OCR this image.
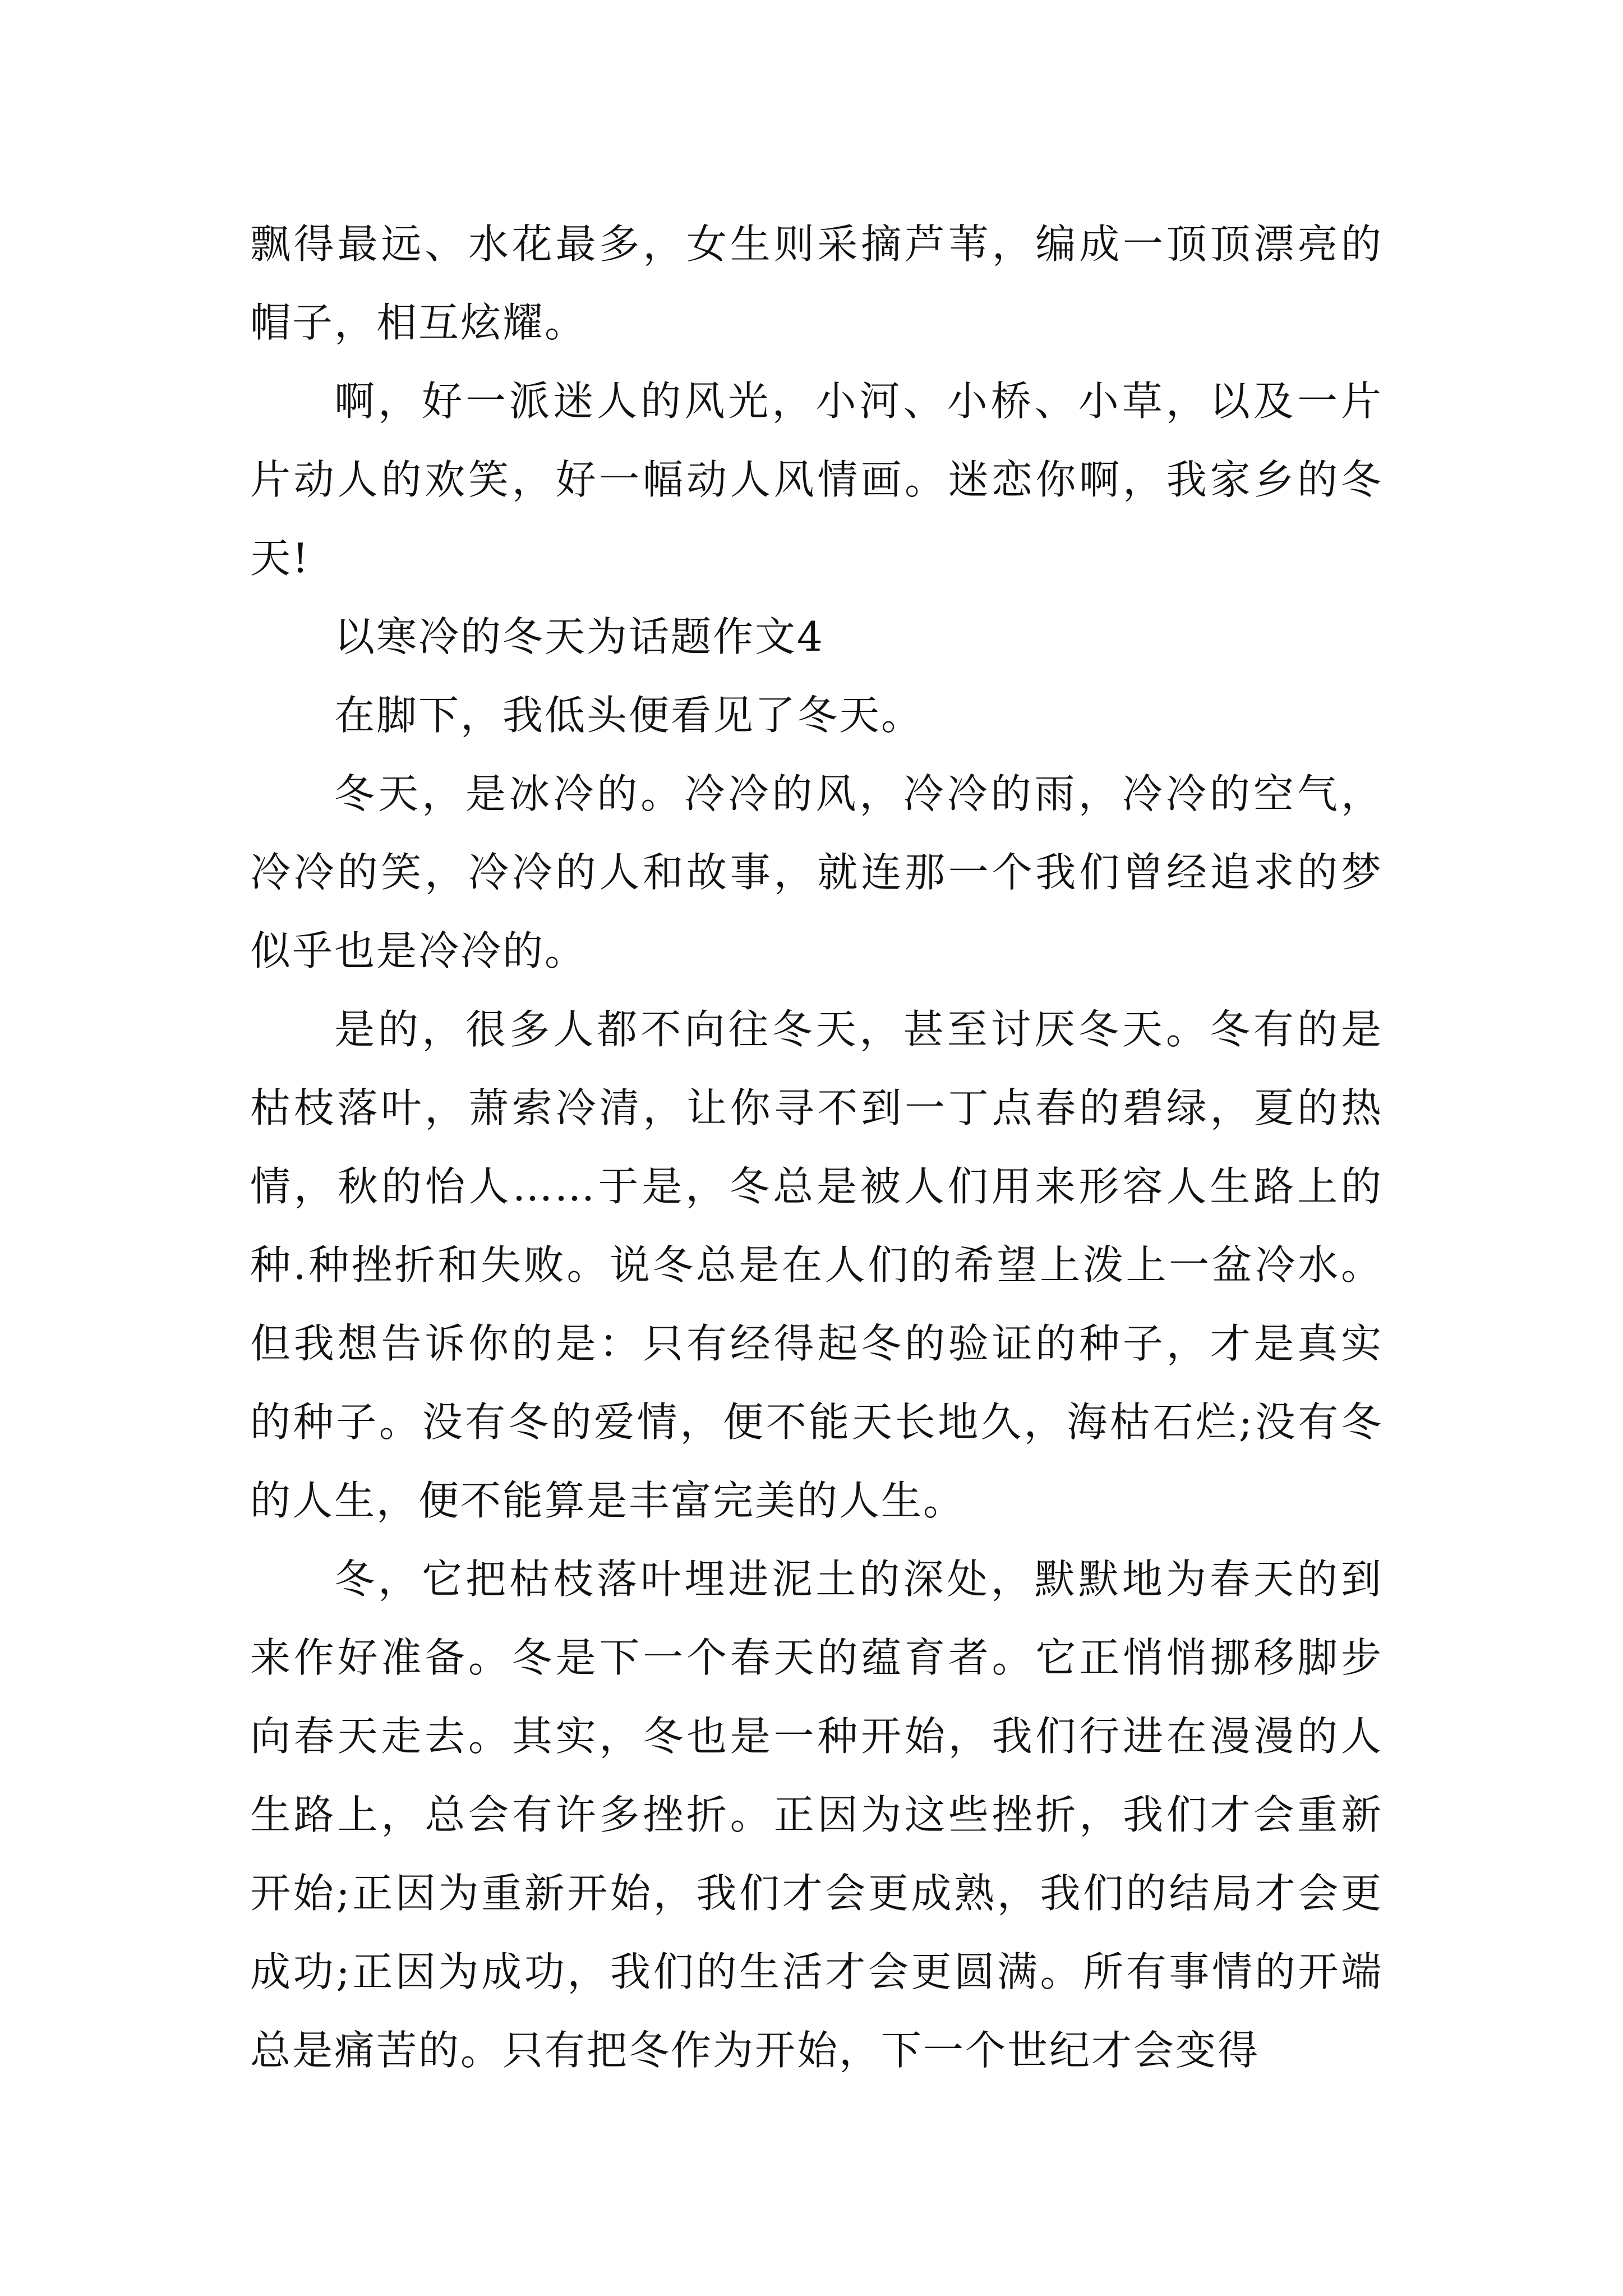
飘得最远、水花最多，女生则采摘芦苇，编成一顶顶漂亮的帽子，相互炫耀。

啊，好一派迷人的风光，小河、小桥、小草，以及一片片动人的欢笑，好一幅动人风情画。迷恋你啊，我家乡的冬天!

以寒冷的冬天为话题作文4

在脚下，我低头便看见了冬天。

冬天，是冰冷的。冷冷的风，冷冷的雨，冷冷的空气，冷冷的笑，冷冷的人和故事，就连那一个我们曾经追求的梦似乎也是冷冷的。

是的，很多人都不向往冬天，甚至讨厌冬天。冬有的是枯枝落叶，萧索冷清，让你寻不到一丁点春的碧绿，夏的热情，秋的怡人……于是，冬总是被人们用来形容人生路上的种.种挫折和失败。说冬总是在人们的希望上泼上一盆冷水。但我想告诉你的是：只有经得起冬的验证的种子，才是真实的种子。没有冬的爱情，便不能天长地久，海枯石烂;没有冬的人生，便不能算是丰富完美的人生。

冬，它把枯枝落叶埋进泥土的深处，默默地为春天的到来作好准备。冬是下一个春天的蕴育者。它正悄悄挪移脚步向春天走去。其实，冬也是一种开始，我们行进在漫漫的人生路上，总会有许多挫折。正因为这些挫折，我们才会重新开始;正因为重新开始，我们才会更成熟，我们的结局才会更成功;正因为成功，我们的生活才会更圆满。所有事情的开端总是痛苦的。只有把冬作为开始，下一个世纪才会变得
